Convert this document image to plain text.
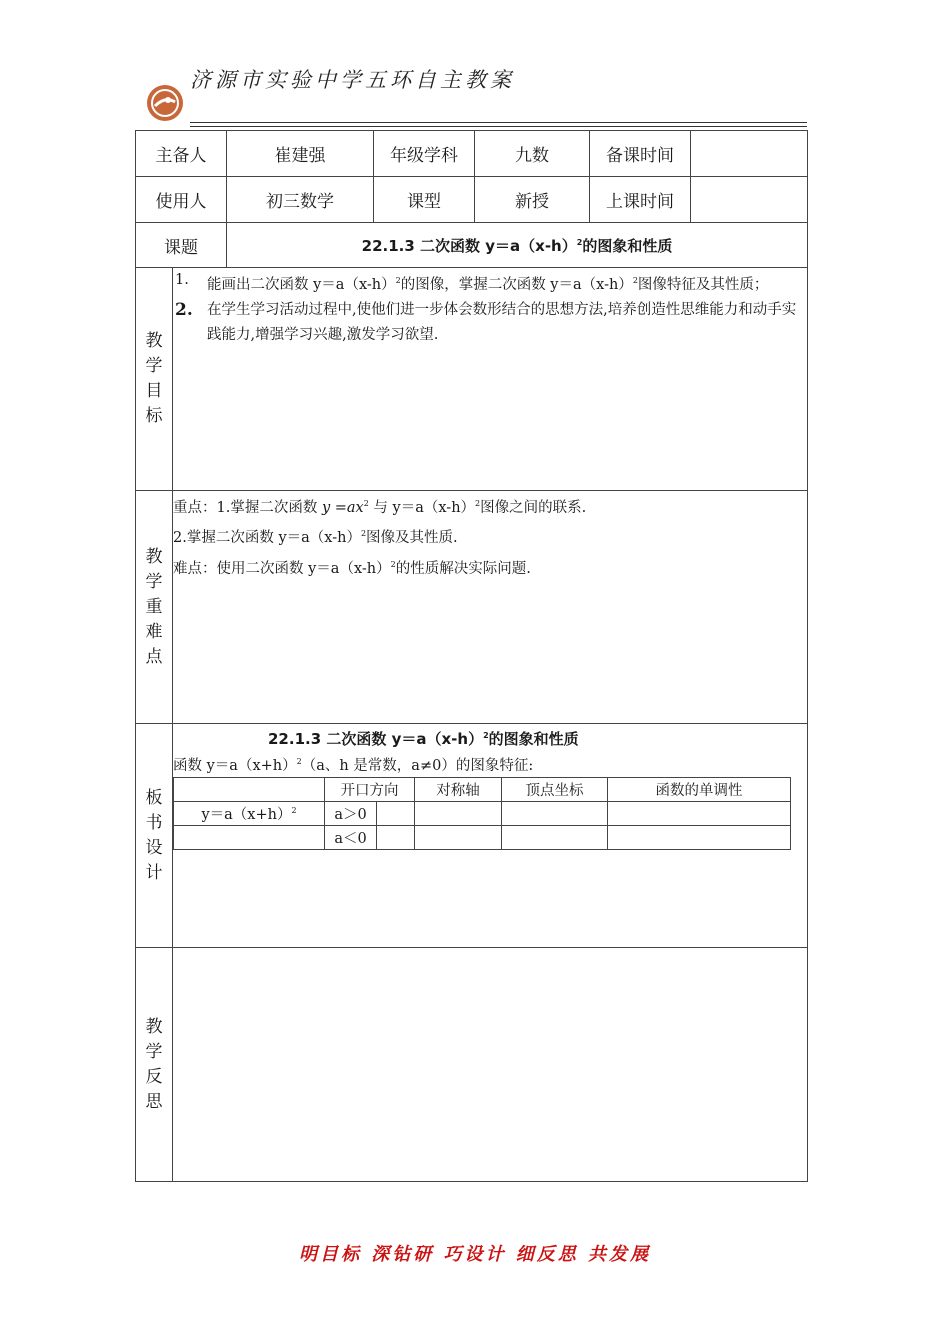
济源市实验中学五环自主教案
主备人	崔建强	年级学科	九数	备课时间	
使用人	初三数学	课型	新授	上课时间	
课题	22.1.3 二次函数 $y=a(x-h)^2$的图象和性质

教
学
目
标

1.	能画出二次函数 $y=a(x-h)^2$的图像，掌握二次函数 $y=a(x-h)^2$图像特征及其性质；
2. 在学生学习活动过程中,使他们进一步体会数形结合的思想方法,培养创造性思维能力和动手实践能力,增强学习兴趣,激发学习欲望.

教
学
重
难
点

重点：1.掌握二次函数 $y =ax^2$ 与 $y=a(x-h)^2$图像之间的联系.
2.掌握二次函数 $y=a(x-h)^2$图像及其性质.
难点：使用二次函数 $y=a(x-h)^2$的性质解决实际问题.

板
书
设
计

22.1.3 二次函数 $y=a(x-h)^2$的图象和性质
函数 $y=a(x+h)^2(a$、h 是常数，a≠0）的图象特征:
	开口方向	对称轴	顶点坐标	函数的单调性
$y=a(x+h)^2$	a＞0				
	a＜0				

教
学
反
思

明目标 深钻研 巧设计 细反思 共发展
